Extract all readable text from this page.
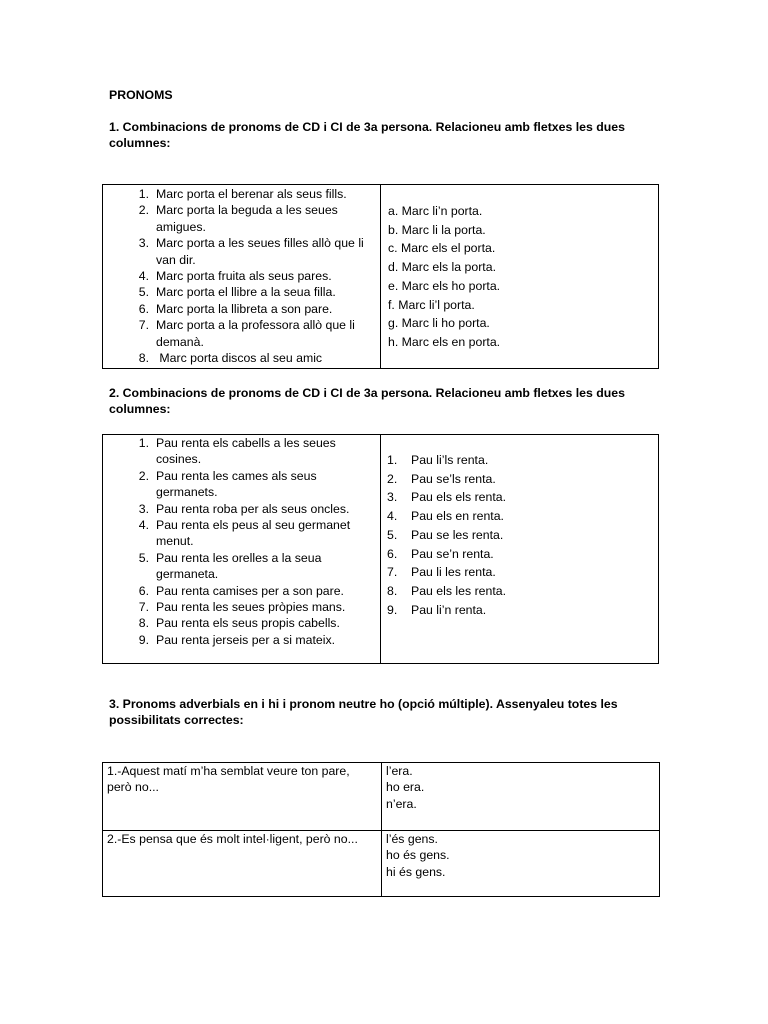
PRONOMS
1. Combinacions de pronoms de CD i CI de 3a persona. Relacioneu amb fletxes les dues columnes:
1. Marc porta el berenar als seus fills.
2. Marc porta la beguda a les seues amigues.
3. Marc porta a les seues filles allò que li van dir.
4. Marc porta fruita als seus pares.
5. Marc porta el llibre a la seua filla.
6. Marc porta la llibreta a son pare.
7. Marc porta a la professora allò que li demanà.
8. Marc porta discos al seu amic
a. Marc li’n porta.
b. Marc li la porta.
c. Marc els el porta.
d. Marc els la porta.
e. Marc els ho porta.
f. Marc li’l porta.
g. Marc li ho porta.
h. Marc els en porta.
2. Combinacions de pronoms de CD i CI de 3a persona. Relacioneu amb fletxes les dues columnes:
1. Pau renta els cabells a les seues cosines.
2. Pau renta les cames als seus germanets.
3. Pau renta roba per als seus oncles.
4. Pau renta els peus al seu germanet menut.
5. Pau renta les orelles a la seua germaneta.
6. Pau renta camises per a son pare.
7. Pau renta les seues pròpies mans.
8. Pau renta els seus propis cabells.
9. Pau renta jerseis per a si mateix.
1. Pau li’ls renta.
2. Pau se’ls renta.
3. Pau els els renta.
4. Pau els en renta.
5. Pau se les renta.
6. Pau se’n renta.
7. Pau li les renta.
8. Pau els les renta.
9. Pau li’n renta.
3. Pronoms adverbials en i hi i pronom neutre ho (opció múltiple). Assenyaleu totes les possibilitats correctes:
1.-Aquest matí m’ha semblat veure ton pare, però no...	l’era.
ho era.
n’era.

2.-Es pensa que és molt intel·ligent, però no...	l’és gens.
ho és gens.
hi és gens.
